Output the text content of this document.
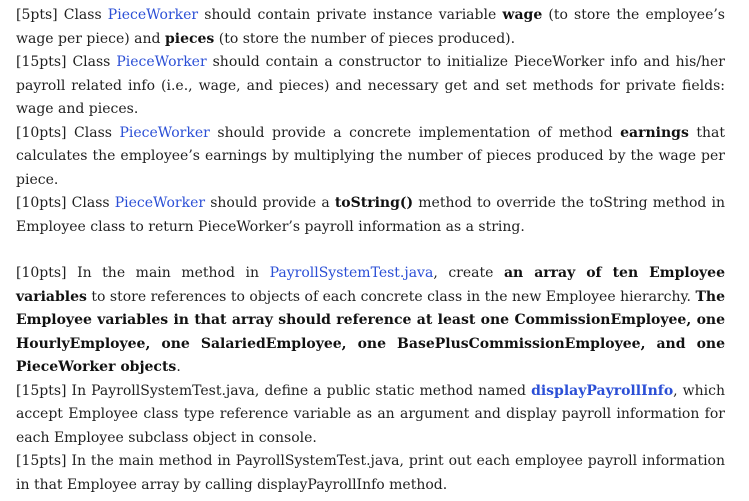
[5pts] Class PieceWorker should contain private instance variable wage (to store the employee’s wage per piece) and pieces (to store the number of pieces produced).

[15pts] Class PieceWorker should contain a constructor to initialize PieceWorker info and his/her payroll related info (i.e., wage, and pieces) and necessary get and set methods for private fields: wage and pieces.

[10pts] Class PieceWorker should provide a concrete implementation of method earnings that calculates the employee’s earnings by multiplying the number of pieces produced by the wage per piece.

[10pts] Class PieceWorker should provide a toString() method to override the toString method in Employee class to return PieceWorker’s payroll information as a string.

[10pts] In the main method in PayrollSystemTest.java, create an array of ten Employee variables to store references to objects of each concrete class in the new Employee hierarchy. The Employee variables in that array should reference at least one CommissionEmployee, one HourlyEmployee, one SalariedEmployee, one BasePlusCommissionEmployee, and one PieceWorker objects.

[15pts] In PayrollSystemTest.java, define a public static method named displayPayrollInfo, which accept Employee class type reference variable as an argument and display payroll information for each Employee subclass object in console.

[15pts] In the main method in PayrollSystemTest.java, print out each employee payroll information in that Employee array by calling displayPayrollInfo method.
